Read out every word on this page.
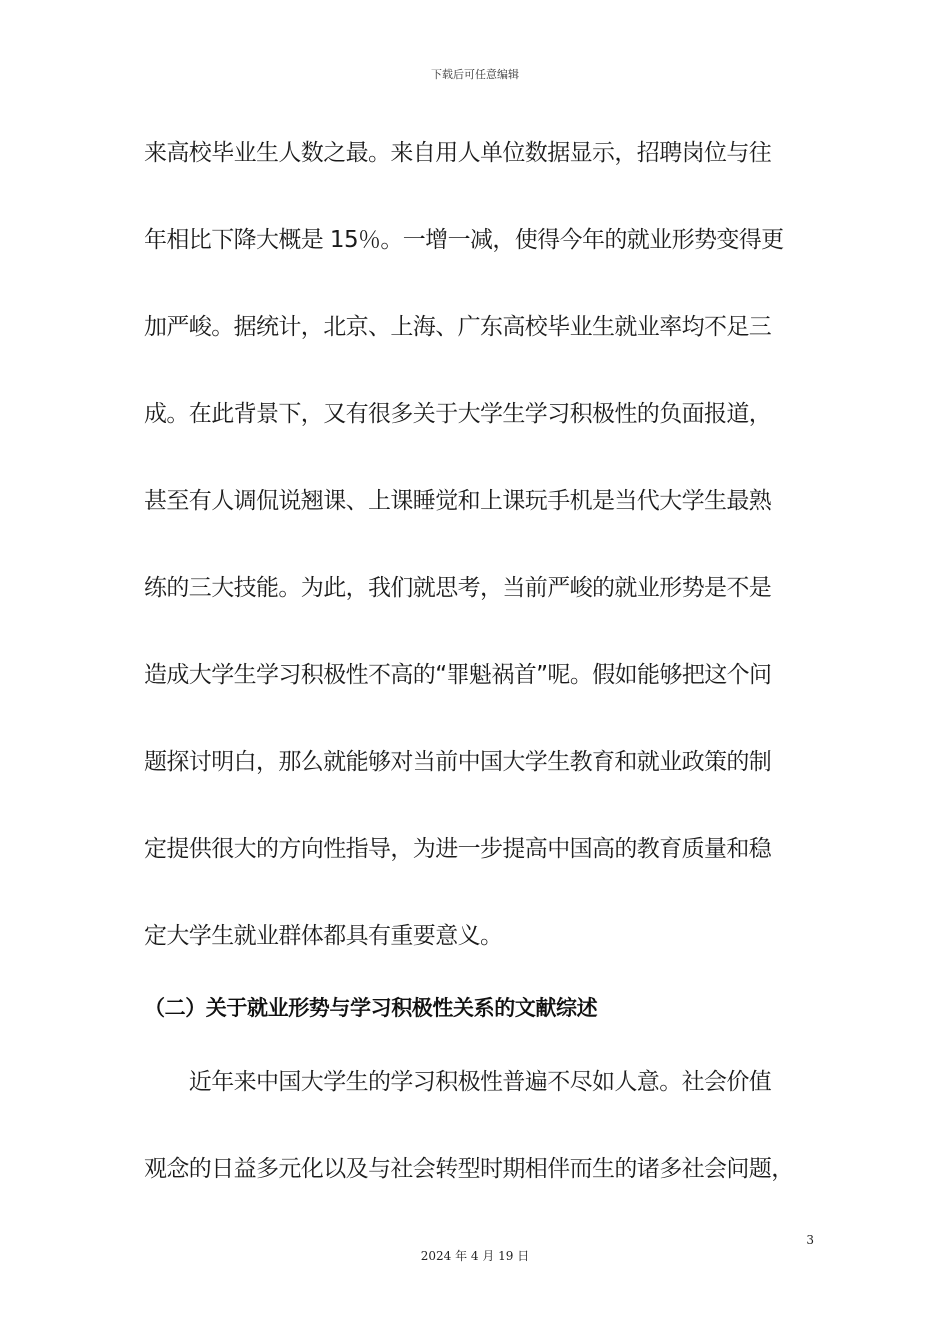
下载后可任意编辑
来高校毕业生人数之最。来自用人单位数据显示，招聘岗位与往
年相比下降大概是 15％。一增一减，使得今年的就业形势变得更
加严峻。据统计，北京、上海、广东高校毕业生就业率均不足三
成。在此背景下，又有很多关于大学生学习积极性的负面报道，
甚至有人调侃说翘课、上课睡觉和上课玩手机是当代大学生最熟
练的三大技能。为此，我们就思考，当前严峻的就业形势是不是
造成大学生学习积极性不高的“罪魁祸首”呢。假如能够把这个问
题探讨明白，那么就能够对当前中国大学生教育和就业政策的制
定提供很大的方向性指导，为进一步提高中国高的教育质量和稳
定大学生就业群体都具有重要意义。
（二）关于就业形势与学习积极性关系的文献综述
　　近年来中国大学生的学习积极性普遍不尽如人意。社会价值
观念的日益多元化以及与社会转型时期相伴而生的诸多社会问题，
3
2024 年 4 月 19 日
